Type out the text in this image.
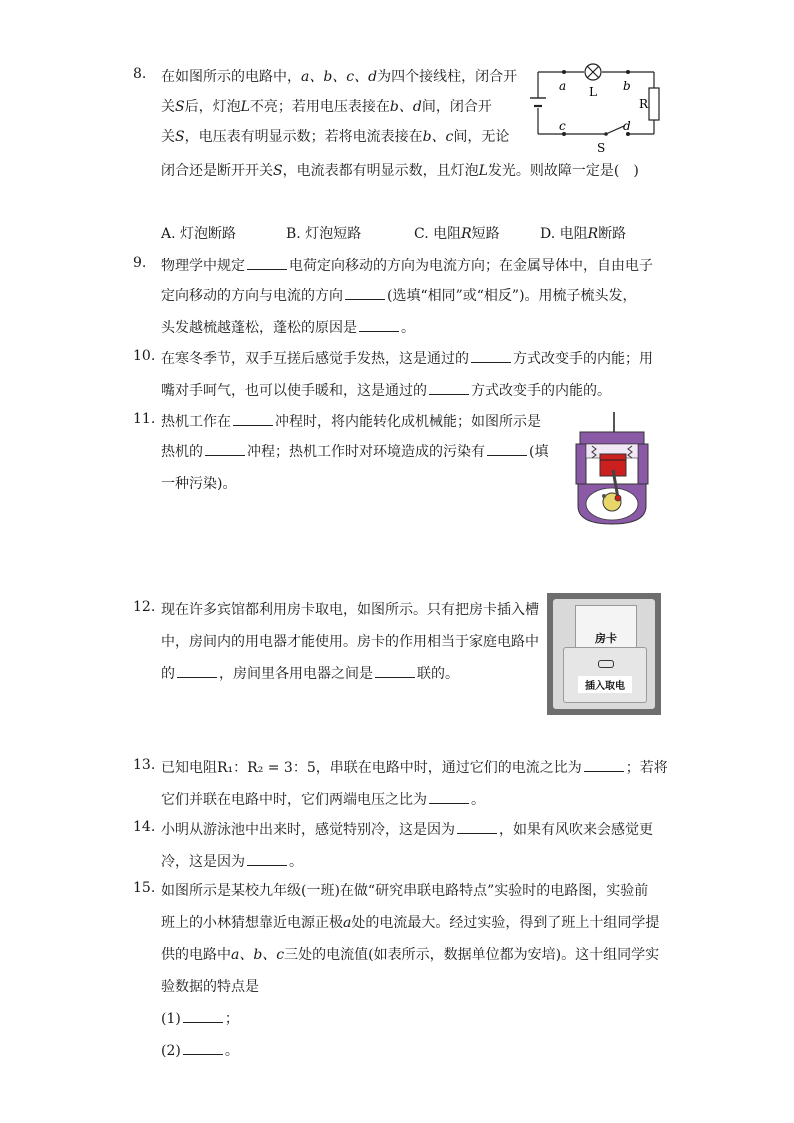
8.	在如图所示的电路中，a、b、c、d为四个接线柱，闭合开
关S后，灯泡L不亮；若用电压表接在b、d间，闭合开
关S，电压表有明显示数；若将电流表接在b、c间，无论
闭合还是断开开关S，电流表都有明显示数，且灯泡L发光。则故障一定是(　)
A. 灯泡断路	B. 灯泡短路	C. 电阻R短路	D. 电阻R断路
a	b
L
R
c	d
S
9.	物理学中规定	电荷定向移动的方向为电流方向；在金属导体中，自由电子
定向移动的方向与电流的方向	(选填“相同”或“相反”)。用梳子梳头发，
头发越梳越蓬松，蓬松的原因是	。
10. 在寒冬季节，双手互搓后感觉手发热，这是通过的	方式改变手的内能；用
嘴对手呵气，也可以使手暖和，这是通过的	方式改变手的内能的。
11. 热机工作在	冲程时，将内能转化成机械能；如图所示是
热机的	冲程；热机工作时对环境造成的污染有	(填
一种污染)。
12. 现在许多宾馆都利用房卡取电，如图所示。只有把房卡插入槽
中，房间内的用电器才能使用。房卡的作用相当于家庭电路中
的	，房间里各用电器之间是	联的。
房卡
插入取电
13. 已知电阻R₁：R₂ = 3：5，串联在电路中时，通过它们的电流之比为	；若将
它们并联在电路中时，它们两端电压之比为	。
14. 小明从游泳池中出来时，感觉特别冷，这是因为	，如果有风吹来会感觉更
冷，这是因为	。
15. 如图所示是某校九年级(一班)在做“研究串联电路特点”实验时的电路图，实验前
班上的小林猜想靠近电源正极a处的电流最大。经过实验，得到了班上十组同学提
供的电路中a、b、c三处的电流值(如表所示，数据单位都为安培)。这十组同学实
验数据的特点是
(1)	；
(2)	。
